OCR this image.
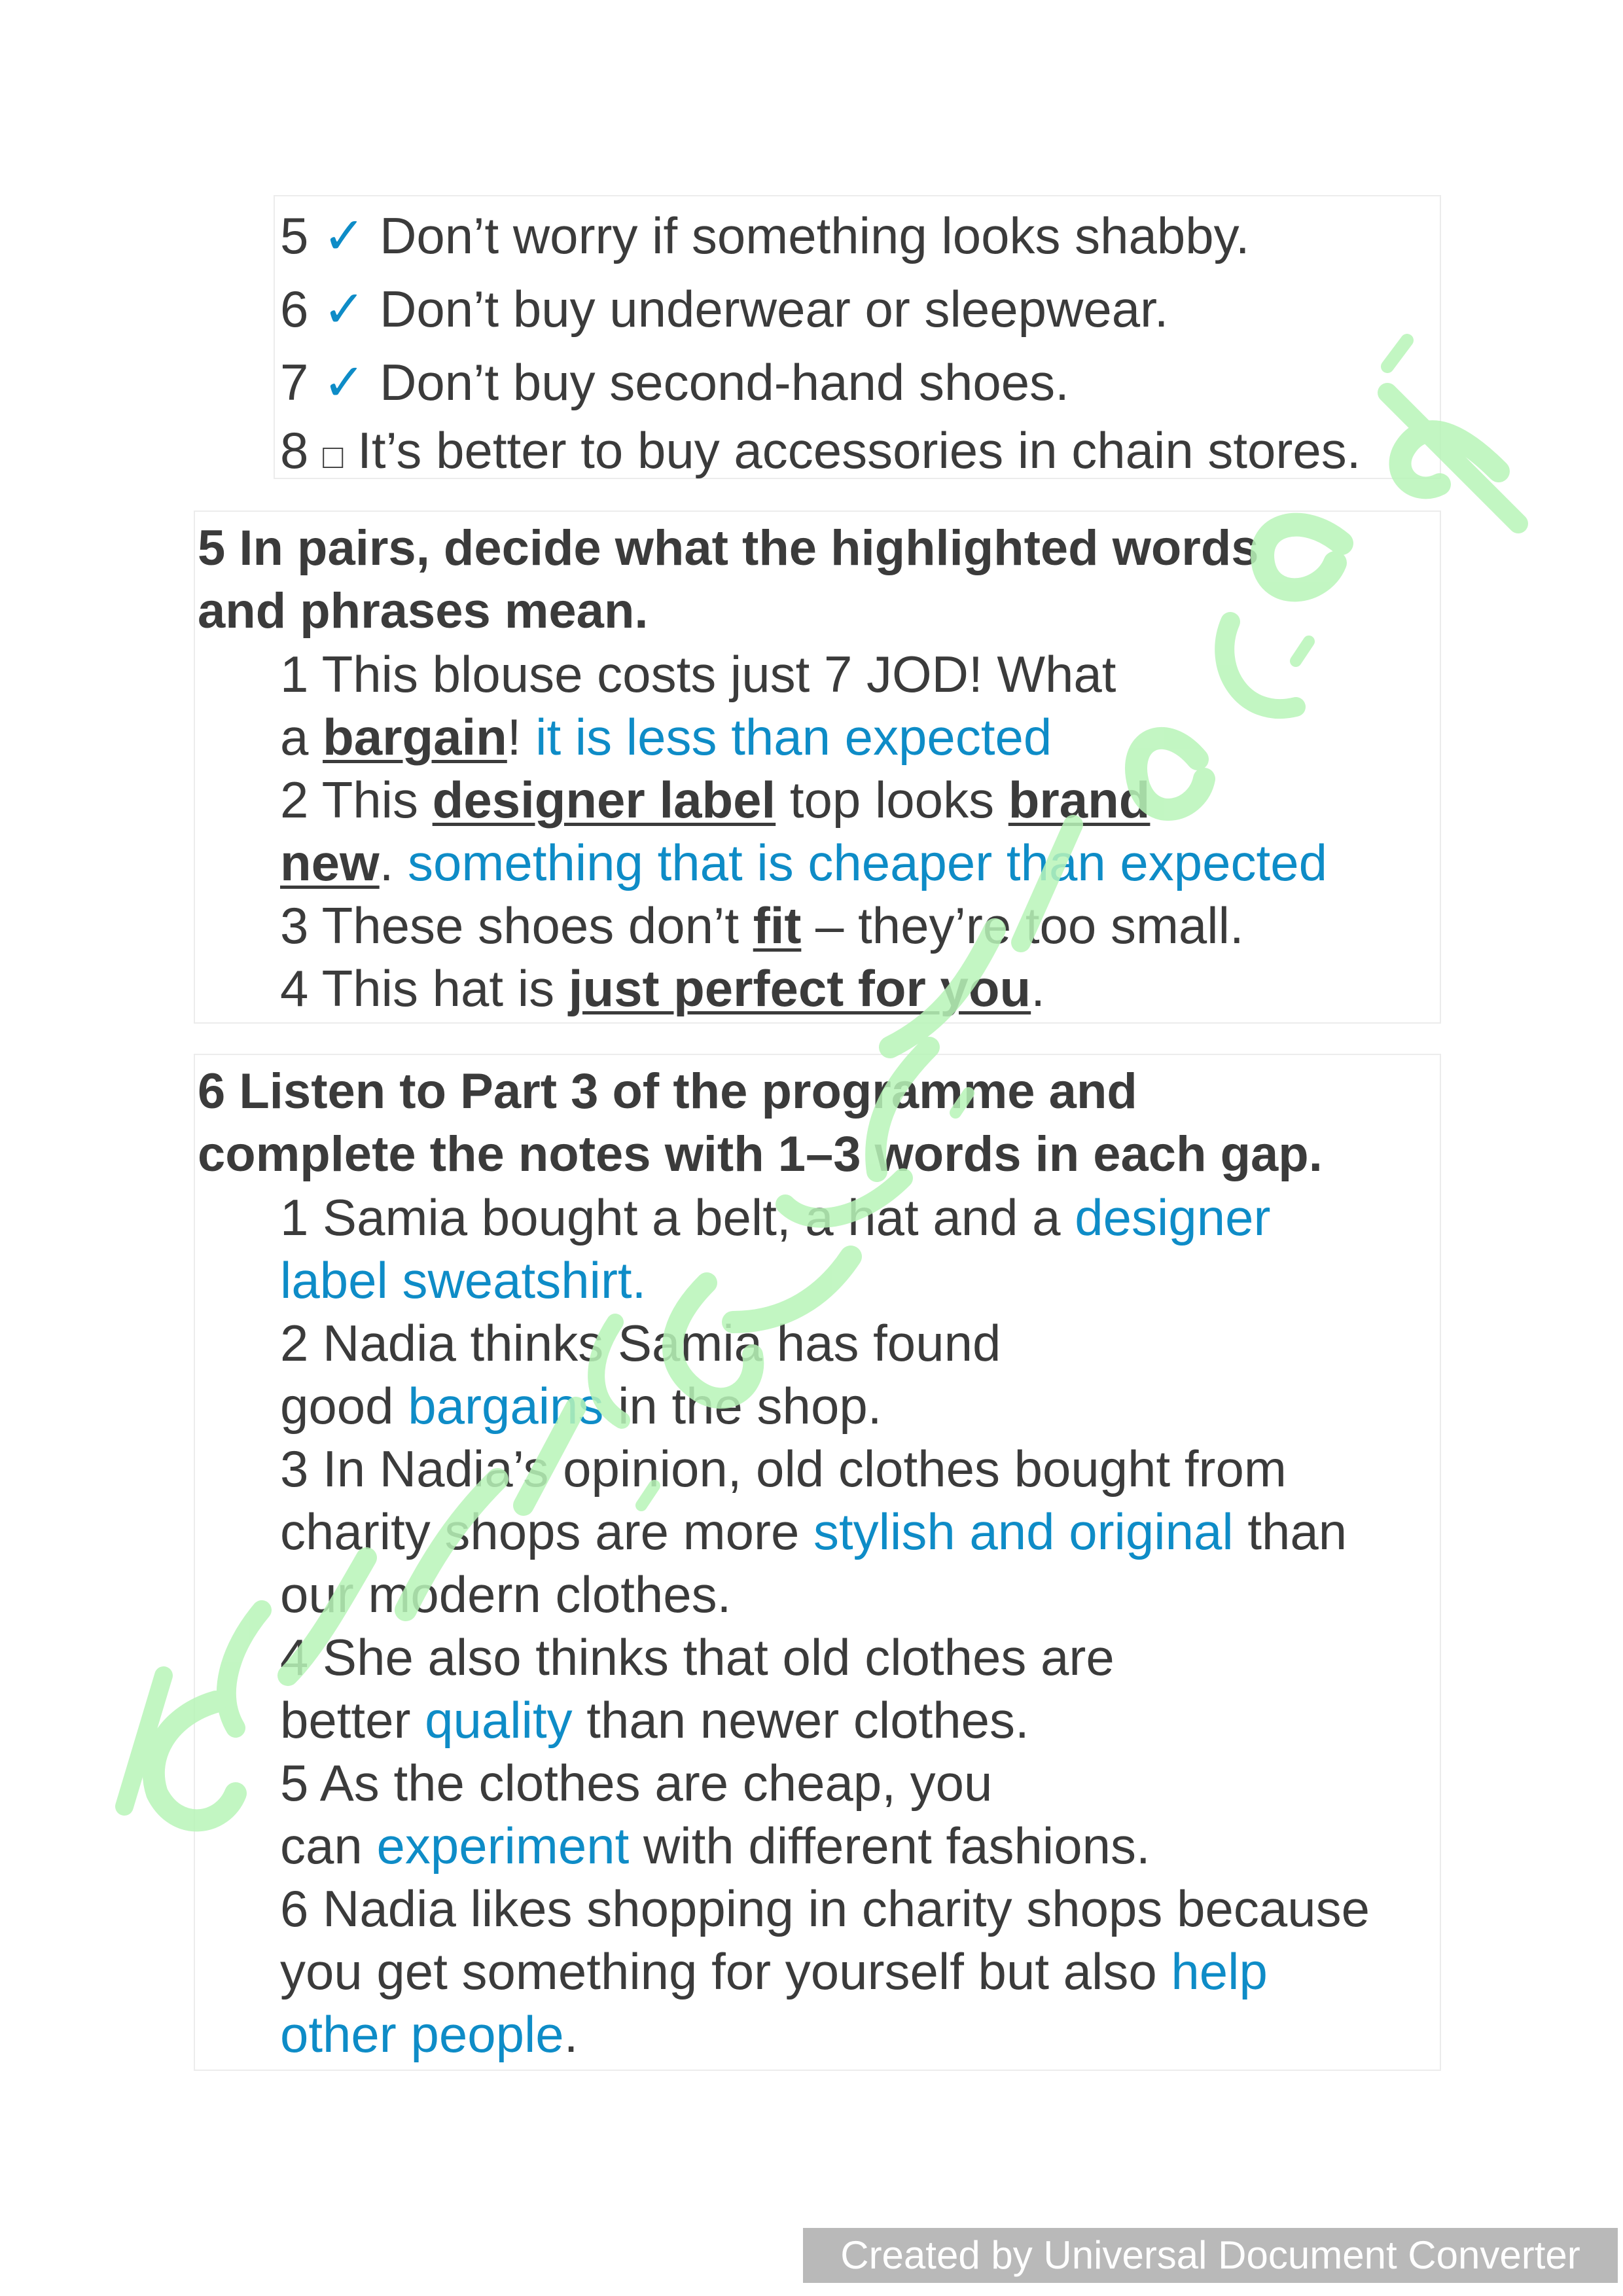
5 ✓ Don’t worry if something looks shabby.
6 ✓ Don’t buy underwear or sleepwear.
7 ✓ Don’t buy second-hand shoes.
8 □ It’s better to buy accessories in chain stores.
5 In pairs, decide what the highlighted words
and phrases mean.
1 This blouse costs just 7 JOD! What
a bargain! it is less than expected
2 This designer label top looks brand
new. something that is cheaper than expected
3 These shoes don’t fit – they’re too small.
4 This hat is just perfect for you.
6 Listen to Part 3 of the programme and
complete the notes with 1–3 words in each gap.
1 Samia bought a belt, a hat and a designer
label sweatshirt.
2 Nadia thinks Samia has found
good bargains in the shop.
3 In Nadia’s opinion, old clothes bought from
charity shops are more stylish and original than
our modern clothes.
4 She also thinks that old clothes are
better quality than newer clothes.
5 As the clothes are cheap, you
can experiment with different fashions.
6 Nadia likes shopping in charity shops because
you get something for yourself but also help
other people.
Created by Universal Document Converter
